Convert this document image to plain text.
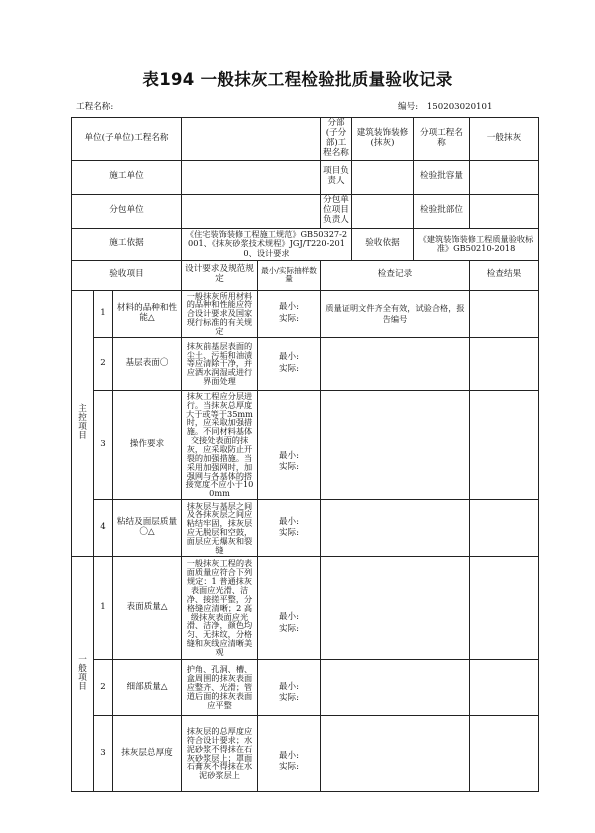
表194 一般抹灰工程检验批质量验收记录
工程名称:	编号: 150203020101
单位(子单位)工程名称					分部(子分部)工程名称	建筑装饰装修(抹灰)	分项工程名称	一般抹灰
施工单位					项目负责人		检验批容量	
分包单位					分包单位项目负责人		检验批部位	
施工依据			《住宅装饰装修工程施工规范》GB50327-2001、《抹灰砂浆技术规程》JGJ/T220-2010、设计要求			验收依据	《建筑装饰装修工程质量验收标准》GB50210-2018	
验收项目			设计要求及规范规定	最小/实际抽样数量	检查记录			检查结果

主
控
项
目	1	材料的品种和性能△	一般抹灰所用材料的品种和性能应符合设计要求及国家现行标准的有关规定	最小:
实际:	质量证明文件齐全有效，试验合格，报告编号			
	2	基层表面〇	抹灰前基层表面的尘土、污垢和油渍等应清除干净，并应洒水润湿或进行界面处理	最小:
实际:				
	3	操作要求	抹灰工程应分层进行。当抹灰总厚度大于或等于35mm时，应采取加强措施。不同材料基体交接处表面的抹灰，应采取防止开裂的加强措施。当采用加强网时，加强网与各基体的搭接宽度不应小于100mm	最小:
实际:				
	4	粘结及面层质量〇△	抹灰层与基层之间及各抹灰层之间应粘结牢固，抹灰层应无脱层和空鼓，面层应无爆灰和裂缝	最小:
实际:				

一
般
项
目	1	表面质量△	一般抹灰工程的表面质量应符合下列规定：1 普通抹灰表面应光滑、洁净、接搓平整，分格缝应清晰；2 高级抹灰表面应光滑、洁净，颜色均匀、无抹纹，分格缝和灰线应清晰美观	最小:
实际:				
	2	细部质量△	护角、孔洞、槽、盒周围的抹灰表面应整齐、光滑；管道后面的抹灰表面应平整	最小:
实际:				
	3	抹灰层总厚度	抹灰层的总厚度应符合设计要求；水泥砂浆不得抹在石灰砂浆层上；罩面石膏灰不得抹在水泥砂浆层上	最小:
实际:				
